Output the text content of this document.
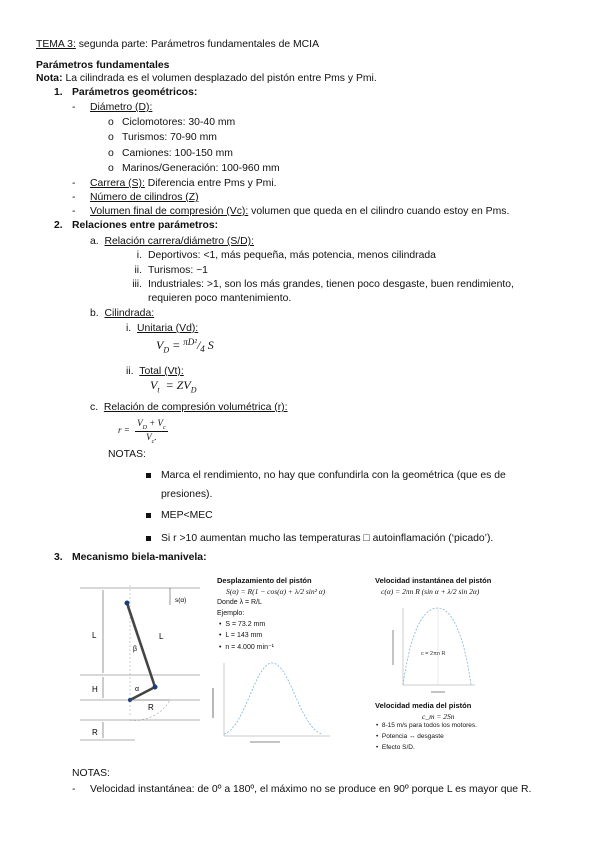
TEMA 3: segunda parte: Parámetros fundamentales de MCIA
Parámetros fundamentales
Nota: La cilindrada es el volumen desplazado del pistón entre Pms y Pmi.
1. Parámetros geométricos:
- Diámetro (D):
o Ciclomotores: 30-40 mm
o Turismos: 70-90 mm
o Camiones: 100-150 mm
o Marinos/Generación: 100-960 mm
- Carrera (S): Diferencia entre Pms y Pmi.
- Número de cilindros (Z)
- Volumen final de compresión (Vc): volumen que queda en el cilindro cuando estoy en Pms.
2. Relaciones entre parámetros:
a. Relación carrera/diámetro (S/D):
i. Deportivos: <1, más pequeña, más potencia, menos cilindrada
ii. Turismos: ~1
iii. Industriales: >1, son los más grandes, tienen poco desgaste, buen rendimiento,
requieren poco mantenimiento.
b. Cilindrada:
i. Unitaria (Vd):
$V_D = ^{\pi D^2}/_4$ S
ii. Total (Vt):
$V_t = ZV_D$
c. Relación de compresión volumétrica (r):
$r = \frac{V_D + V_c}{V_c.}$
NOTAS:
Marca el rendimiento, no hay que confundirla con la geométrica (que es de
presiones).
MEP<MEC
Si r >10 aumentan mucho las temperaturas □ autoinflamación (‘picado’).
3. Mecanismo biela-manivela:
s(α)
L	L
β
α
R
H
R
Desplazamiento del pistón
S(α) = R(1 − cos(α) + λ/2 sin² α)
Donde λ = R/L
Ejemplo:
•  S = 73.2 mm
•  L = 143 mm
•  n = 4.000 min⁻¹
Velocidad instantánea del pistón
c(α) = 2πn R (sin α + λ/2 sin 2α)
c = 2πn R
Velocidad media del pistón
c_m = 2Sn
•  8-15 m/s para todos los motores.
•  Potencia ↔ desgaste
•  Efecto S/D.
NOTAS:
- Velocidad instantánea: de 0º a 180º, el máximo no se produce en 90º porque L es mayor que R.
